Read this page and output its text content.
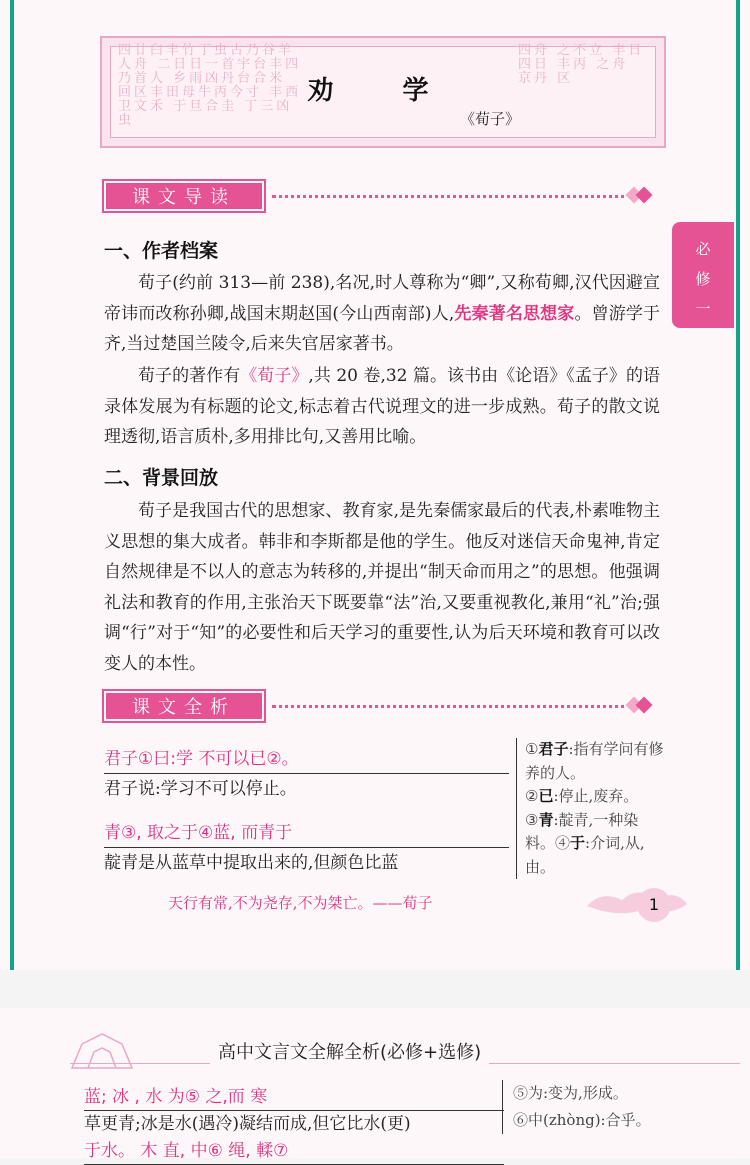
四廿臼丰竹丁虫古乃谷羊人舟 二日日一首宇台丰四乃首人 乡雨凶丹台合米 回区丰田母牛丙今寸 丰西卫文禾 于旦合圭 丁三凶虫
四舟 之不立 丰日 四日 丰丙 之舟 京丹 区
劝 学
《荀子》
课文导读
必
修
一
一、作者档案
荀子(约前 313—前 238),名况,时人尊称为“卿”,又称荀卿,汉代因避宣帝讳而改称孙卿,战国末期赵国(今山西南部)人,先秦著名思想家。曾游学于齐,当过楚国兰陵令,后来失官居家著书。
荀子的著作有《荀子》,共 20 卷,32 篇。该书由《论语》《孟子》的语录体发展为有标题的论文,标志着古代说理文的进一步成熟。荀子的散文说理透彻,语言质朴,多用排比句,又善用比喻。
二、背景回放
荀子是我国古代的思想家、教育家,是先秦儒家最后的代表,朴素唯物主义思想的集大成者。韩非和李斯都是他的学生。他反对迷信天命鬼神,肯定自然规律是不以人的意志为转移的,并提出“制天命而用之”的思想。他强调礼法和教育的作用,主张治天下既要靠“法”治,又要重视教化,兼用“礼”治;强调“行”对于“知”的必要性和后天学习的重要性,认为后天环境和教育可以改变人的本性。
课文全析
君子①曰:学 不可以已②。
君子说:学习不可以停止。
青③, 取之于④蓝, 而青于
靛青是从蓝草中提取出来的,但颜色比蓝
①君子:指有学问有修养的人。
②已:停止,废弃。
③青:靛青,一种染料。④于:介词,从,由。
天行有常,不为尧存,不为桀亡。——荀子	1
高中文言文全解全析(必修+选修)
蓝; 冰 , 水 为⑤ 之,而 寒
草更青;冰是水(遇冷)凝结而成,但它比水(更)
于水。 木 直, 中⑥ 绳, 輮⑦
⑤为:变为,形成。
⑥中(zhòng):合乎。
